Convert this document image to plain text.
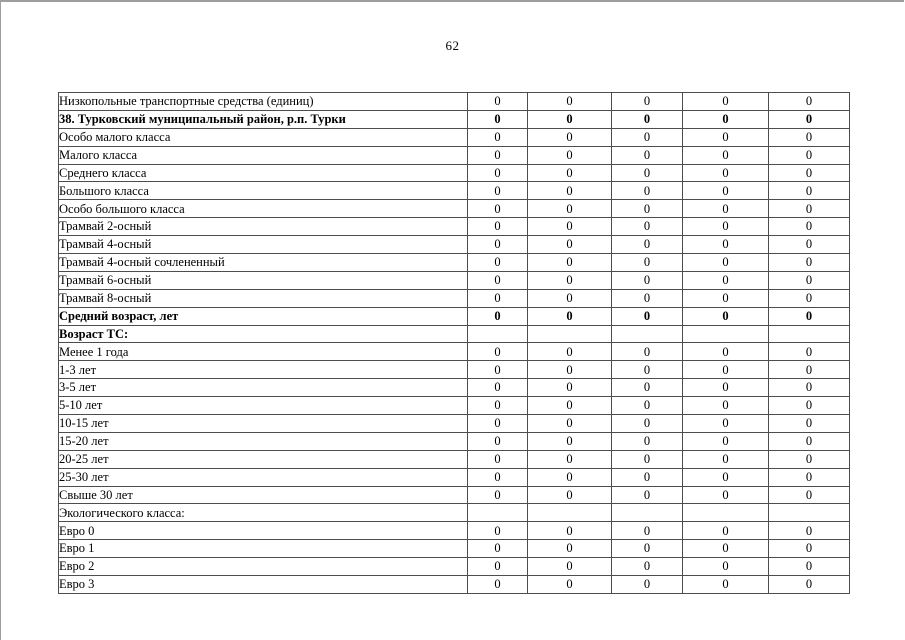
62
Низкопольные транспортные средства (единиц)	0	0	0	0	0
38. Турковский муниципальный район, р.п. Турки	0	0	0	0	0
Особо малого класса	0	0	0	0	0
Малого класса	0	0	0	0	0
Среднего класса	0	0	0	0	0
Большого класса	0	0	0	0	0
Особо большого класса	0	0	0	0	0
Трамвай 2-осный	0	0	0	0	0
Трамвай 4-осный	0	0	0	0	0
Трамвай 4-осный сочлененный	0	0	0	0	0
Трамвай 6-осный	0	0	0	0	0
Трамвай 8-осный	0	0	0	0	0
Средний возраст, лет	0	0	0	0	0
Возраст ТС:					
Менее 1 года	0	0	0	0	0
1-3 лет	0	0	0	0	0
3-5 лет	0	0	0	0	0
5-10 лет	0	0	0	0	0
10-15 лет	0	0	0	0	0
15-20 лет	0	0	0	0	0
20-25 лет	0	0	0	0	0
25-30 лет	0	0	0	0	0
Свыше 30 лет	0	0	0	0	0
Экологического класса:					
Евро 0	0	0	0	0	0
Евро 1	0	0	0	0	0
Евро 2	0	0	0	0	0
Евро 3	0	0	0	0	0
